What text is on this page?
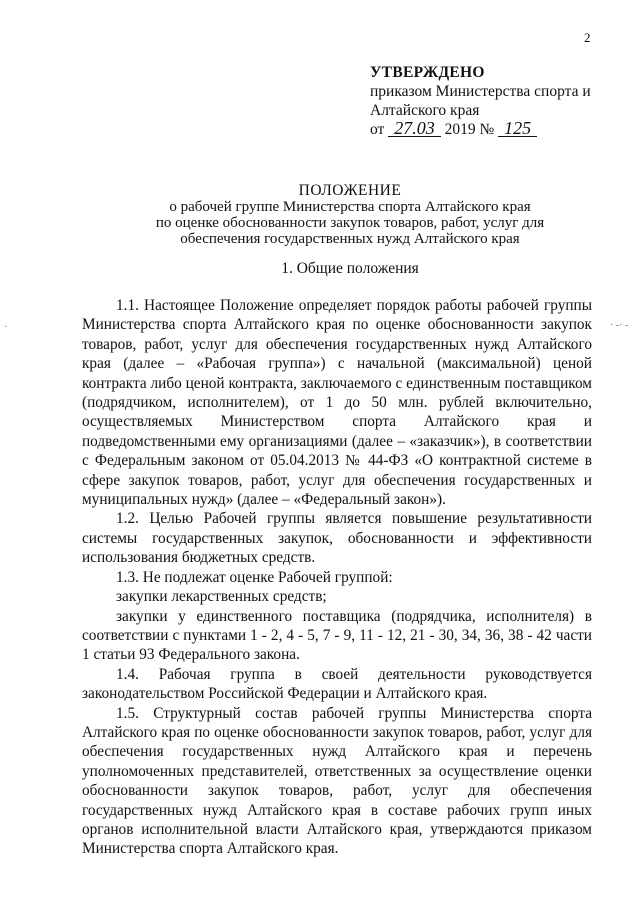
2
УТВЕРЖДЕНО
приказом Министерства спорта и
Алтайского края
от 27.03 2019 № 125
ПОЛОЖЕНИЕ
о рабочей группе Министерства спорта Алтайского края
по оценке обоснованности закупок товаров, работ, услуг для
обеспечения государственных нужд Алтайского края
1. Общие положения

1.1. Настоящее Положение определяет порядок работы рабочей группы Министерства спорта Алтайского края по оценке обоснованности закупок товаров, работ, услуг для обеспечения государственных нужд Алтайского края (далее – «Рабочая группа») с начальной (максимальной) ценой контракта либо ценой контракта, заключаемого с единственным поставщиком (подрядчиком, исполнителем), от 1 до 50 млн. рублей включительно, осуществляемых Министерством спорта Алтайского края и подведомственными ему организациями (далее – «заказчик»), в соответствии с Федеральным законом от 05.04.2013 № 44-ФЗ «О контрактной системе в сфере закупок товаров, работ, услуг для обеспечения государственных и муниципальных нужд» (далее – «Федеральный закон»).

1.2. Целью Рабочей группы является повышение результативности системы государственных закупок, обоснованности и эффективности использования бюджетных средств.

1.3. Не подлежат оценке Рабочей группой:

закупки лекарственных средств;

закупки у единственного поставщика (подрядчика, исполнителя) в соответствии с пунктами 1 - 2, 4 - 5, 7 - 9, 11 - 12, 21 - 30, 34, 36, 38 - 42 части 1 статьи 93 Федерального закона.

1.4. Рабочая группа в своей деятельности руководствуется законодательством Российской Федерации и Алтайского края.

1.5. Структурный состав рабочей группы Министерства спорта Алтайского края по оценке обоснованности закупок товаров, работ, услуг для обеспечения государственных нужд Алтайского края и перечень уполномоченных представителей, ответственных за осуществление оценки обоснованности закупок товаров, работ, услуг для обеспечения государственных нужд Алтайского края в составе рабочих групп иных органов исполнительной власти Алтайского края, утверждаются приказом Министерства спорта Алтайского края.

·	· -· -
